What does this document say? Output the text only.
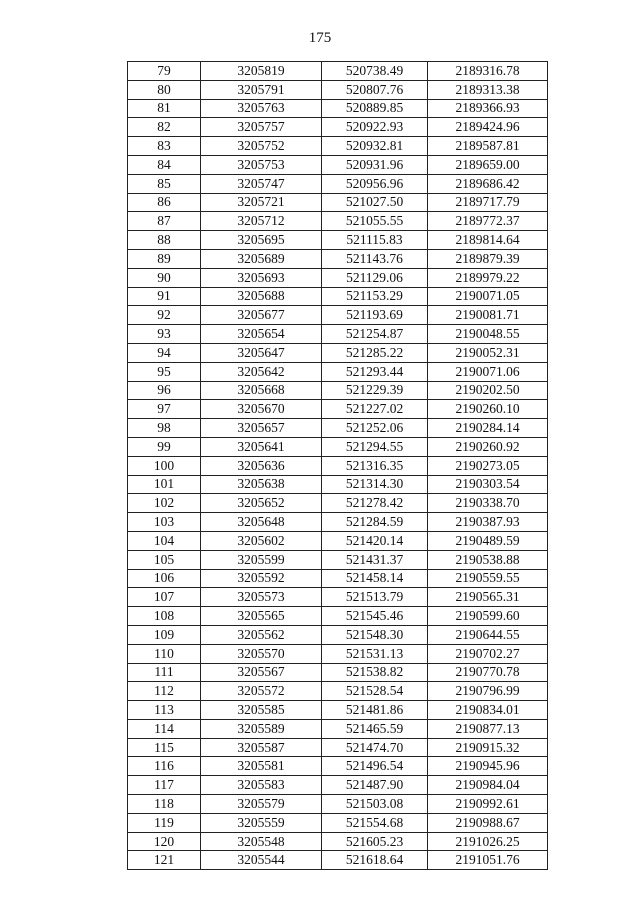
175
79	3205819	520738.49	2189316.78
80	3205791	520807.76	2189313.38
81	3205763	520889.85	2189366.93
82	3205757	520922.93	2189424.96
83	3205752	520932.81	2189587.81
84	3205753	520931.96	2189659.00
85	3205747	520956.96	2189686.42
86	3205721	521027.50	2189717.79
87	3205712	521055.55	2189772.37
88	3205695	521115.83	2189814.64
89	3205689	521143.76	2189879.39
90	3205693	521129.06	2189979.22
91	3205688	521153.29	2190071.05
92	3205677	521193.69	2190081.71
93	3205654	521254.87	2190048.55
94	3205647	521285.22	2190052.31
95	3205642	521293.44	2190071.06
96	3205668	521229.39	2190202.50
97	3205670	521227.02	2190260.10
98	3205657	521252.06	2190284.14
99	3205641	521294.55	2190260.92
100	3205636	521316.35	2190273.05
101	3205638	521314.30	2190303.54
102	3205652	521278.42	2190338.70
103	3205648	521284.59	2190387.93
104	3205602	521420.14	2190489.59
105	3205599	521431.37	2190538.88
106	3205592	521458.14	2190559.55
107	3205573	521513.79	2190565.31
108	3205565	521545.46	2190599.60
109	3205562	521548.30	2190644.55
110	3205570	521531.13	2190702.27
111	3205567	521538.82	2190770.78
112	3205572	521528.54	2190796.99
113	3205585	521481.86	2190834.01
114	3205589	521465.59	2190877.13
115	3205587	521474.70	2190915.32
116	3205581	521496.54	2190945.96
117	3205583	521487.90	2190984.04
118	3205579	521503.08	2190992.61
119	3205559	521554.68	2190988.67
120	3205548	521605.23	2191026.25
121	3205544	521618.64	2191051.76
